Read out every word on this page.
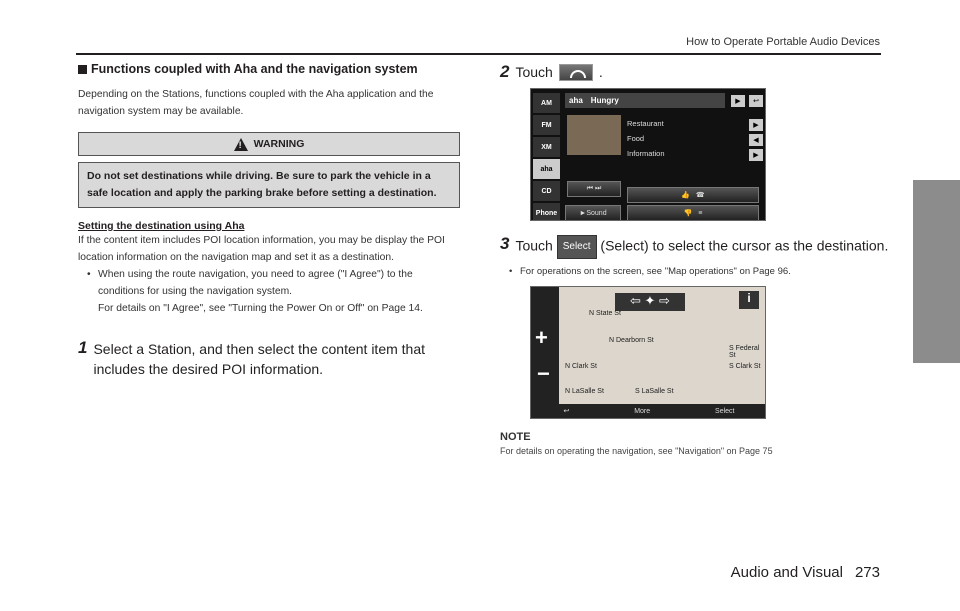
How to Operate Portable Audio Devices
Functions coupled with Aha and the navigation system
Depending on the Stations, functions coupled with the Aha application and the navigation system may be available.
! WARNING
Do not set destinations while driving. Be sure to park the vehicle in a safe location and apply the parking brake before setting a destination.
Setting the destination using Aha
If the content item includes POI location information, you may be display the POI location information on the navigation map and set it as a destination.
• When using the route navigation, you need to agree ("I Agree") to the conditions for using the navigation system.
For details on "I Agree", see "Turning the Power On or Off" on Page 14.
1 Select a Station, and then select the content item that includes the desired POI information.
2 Touch	.
AM
FM
XM
aha
CD
Phone
aha Hungry	▶	↩
Restaurant
Food
Information
▶
◀
▶
⏮ ⏭
👍   ☎
► Sound	👎   ≡
3 Touch Select (Select) to select the cursor as the destination.
• For operations on the screen, see "Map operations" on Page 96.
+
−
⇦ ✦ ⇨	i
N State St
N Dearborn St
N Clark St
N LaSalle St	S LaSalle St
S Federal St
S Clark St
↩	More	Select
NOTE
For details on operating the navigation, see "Navigation" on Page 75
Audio and Visual 273
